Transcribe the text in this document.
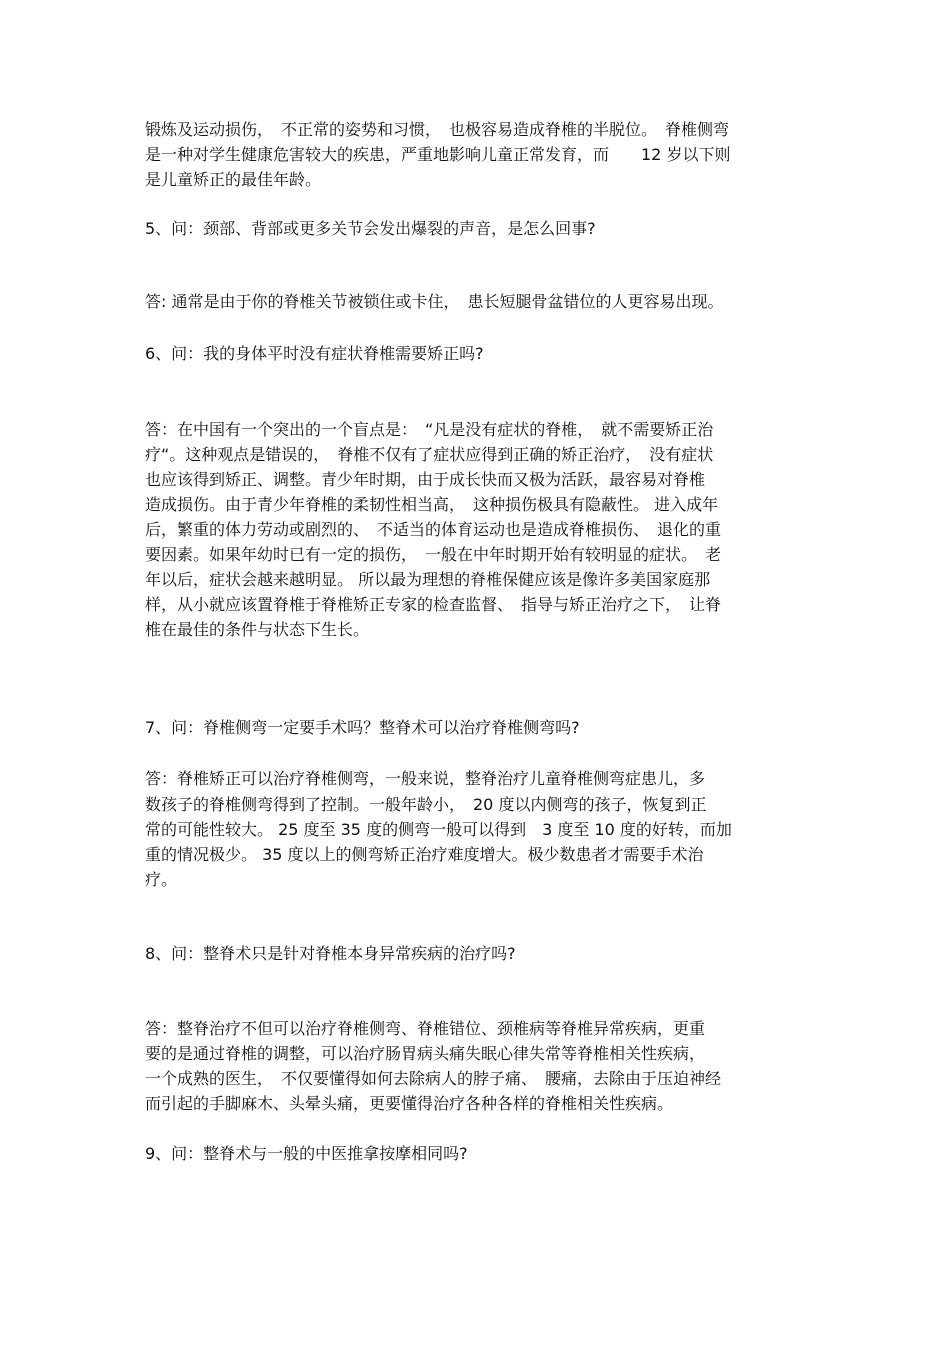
锻炼及运动损伤，　不正常的姿势和习惯，　也极容易造成脊椎的半脱位。　脊椎侧弯
是一种对学生健康危害较大的疾患，严重地影响儿童正常发育，而　　12 岁以下则
是儿童矫正的最佳年龄。
5、问：颈部、背部或更多关节会发出爆裂的声音，是怎么回事?
答: 通常是由于你的脊椎关节被锁住或卡住，　患长短腿骨盆错位的人更容易出现。
6、问：我的身体平时没有症状脊椎需要矫正吗?
答：在中国有一个突出的一个盲点是：　“凡是没有症状的脊椎，　就不需要矫正治
疗“。这种观点是错误的，　脊椎不仅有了症状应得到正确的矫正治疗，　没有症状
也应该得到矫正、调整。青少年时期，由于成长快而又极为活跃，最容易对脊椎
造成损伤。由于青少年脊椎的柔韧性相当高，　这种损伤极具有隐蔽性。 进入成年
后，繁重的体力劳动或剧烈的、　不适当的体育运动也是造成脊椎损伤、　退化的重
要因素。如果年幼时已有一定的损伤，　一般在中年时期开始有较明显的症状。　老
年以后，症状会越来越明显。 所以最为理想的脊椎保健应该是像许多美国家庭那
样，从小就应该置脊椎于脊椎矫正专家的检查监督、　指导与矫正治疗之下，　让脊
椎在最佳的条件与状态下生长。
7、问：脊椎侧弯一定要手术吗？整脊术可以治疗脊椎侧弯吗?
答：脊椎矫正可以治疗脊椎侧弯，一般来说，整脊治疗儿童脊椎侧弯症患儿，多
数孩子的脊椎侧弯得到了控制。一般年龄小，　20 度以内侧弯的孩子，恢复到正
常的可能性较大。 25 度至 35 度的侧弯一般可以得到　3 度至 10 度的好转，而加
重的情况极少。 35 度以上的侧弯矫正治疗难度增大。极少数患者才需要手术治
疗。
8、问：整脊术只是针对脊椎本身异常疾病的治疗吗?
答：整脊治疗不但可以治疗脊椎侧弯、脊椎错位、颈椎病等脊椎异常疾病，更重
要的是通过脊椎的调整，可以治疗肠胃病头痛失眠心律失常等脊椎相关性疾病，
一个成熟的医生，　不仅要懂得如何去除病人的脖子痛、　腰痛，去除由于压迫神经
而引起的手脚麻木、头晕头痛，更要懂得治疗各种各样的脊椎相关性疾病。
9、问：整脊术与一般的中医推拿按摩相同吗?
